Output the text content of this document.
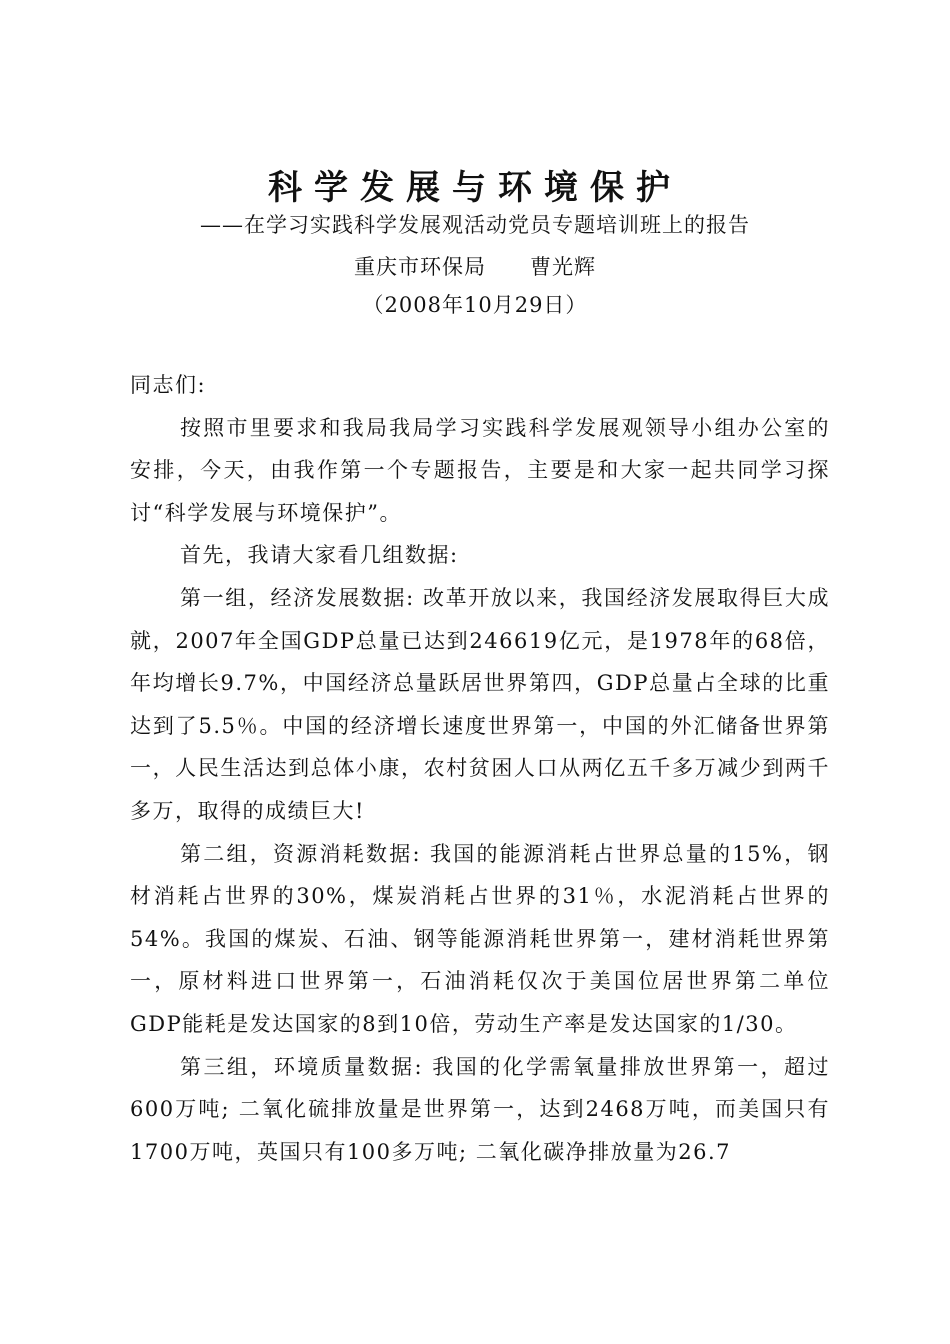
科学发展与环境保护
——在学习实践科学发展观活动党员专题培训班上的报告
重庆市环保局 曹光辉
（2008年10月29日）

同志们:

按照市里要求和我局我局学习实践科学发展观领导小组办公室的安排，今天，由我作第一个专题报告，主要是和大家一起共同学习探讨“科学发展与环境保护”。

首先，我请大家看几组数据:

第一组，经济发展数据: 改革开放以来，我国经济发展取得巨大成就，2007年全国GDP总量已达到246619亿元，是1978年的68倍，年均增长9.7%，中国经济总量跃居世界第四，GDP总量占全球的比重达到了5.5％。中国的经济增长速度世界第一，中国的外汇储备世界第一，人民生活达到总体小康，农村贫困人口从两亿五千多万减少到两千多万，取得的成绩巨大!

第二组，资源消耗数据: 我国的能源消耗占世界总量的15%，钢材消耗占世界的30%，煤炭消耗占世界的31％，水泥消耗占世界的54%。我国的煤炭、石油、钢等能源消耗世界第一，建材消耗世界第一，原材料进口世界第一，石油消耗仅次于美国位居世界第二单位GDP能耗是发达国家的8到10倍，劳动生产率是发达国家的1/30。

第三组，环境质量数据: 我国的化学需氧量排放世界第一，超过600万吨; 二氧化硫排放量是世界第一，达到2468万吨，而美国只有1700万吨，英国只有100多万吨; 二氧化碳净排放量为26.7
